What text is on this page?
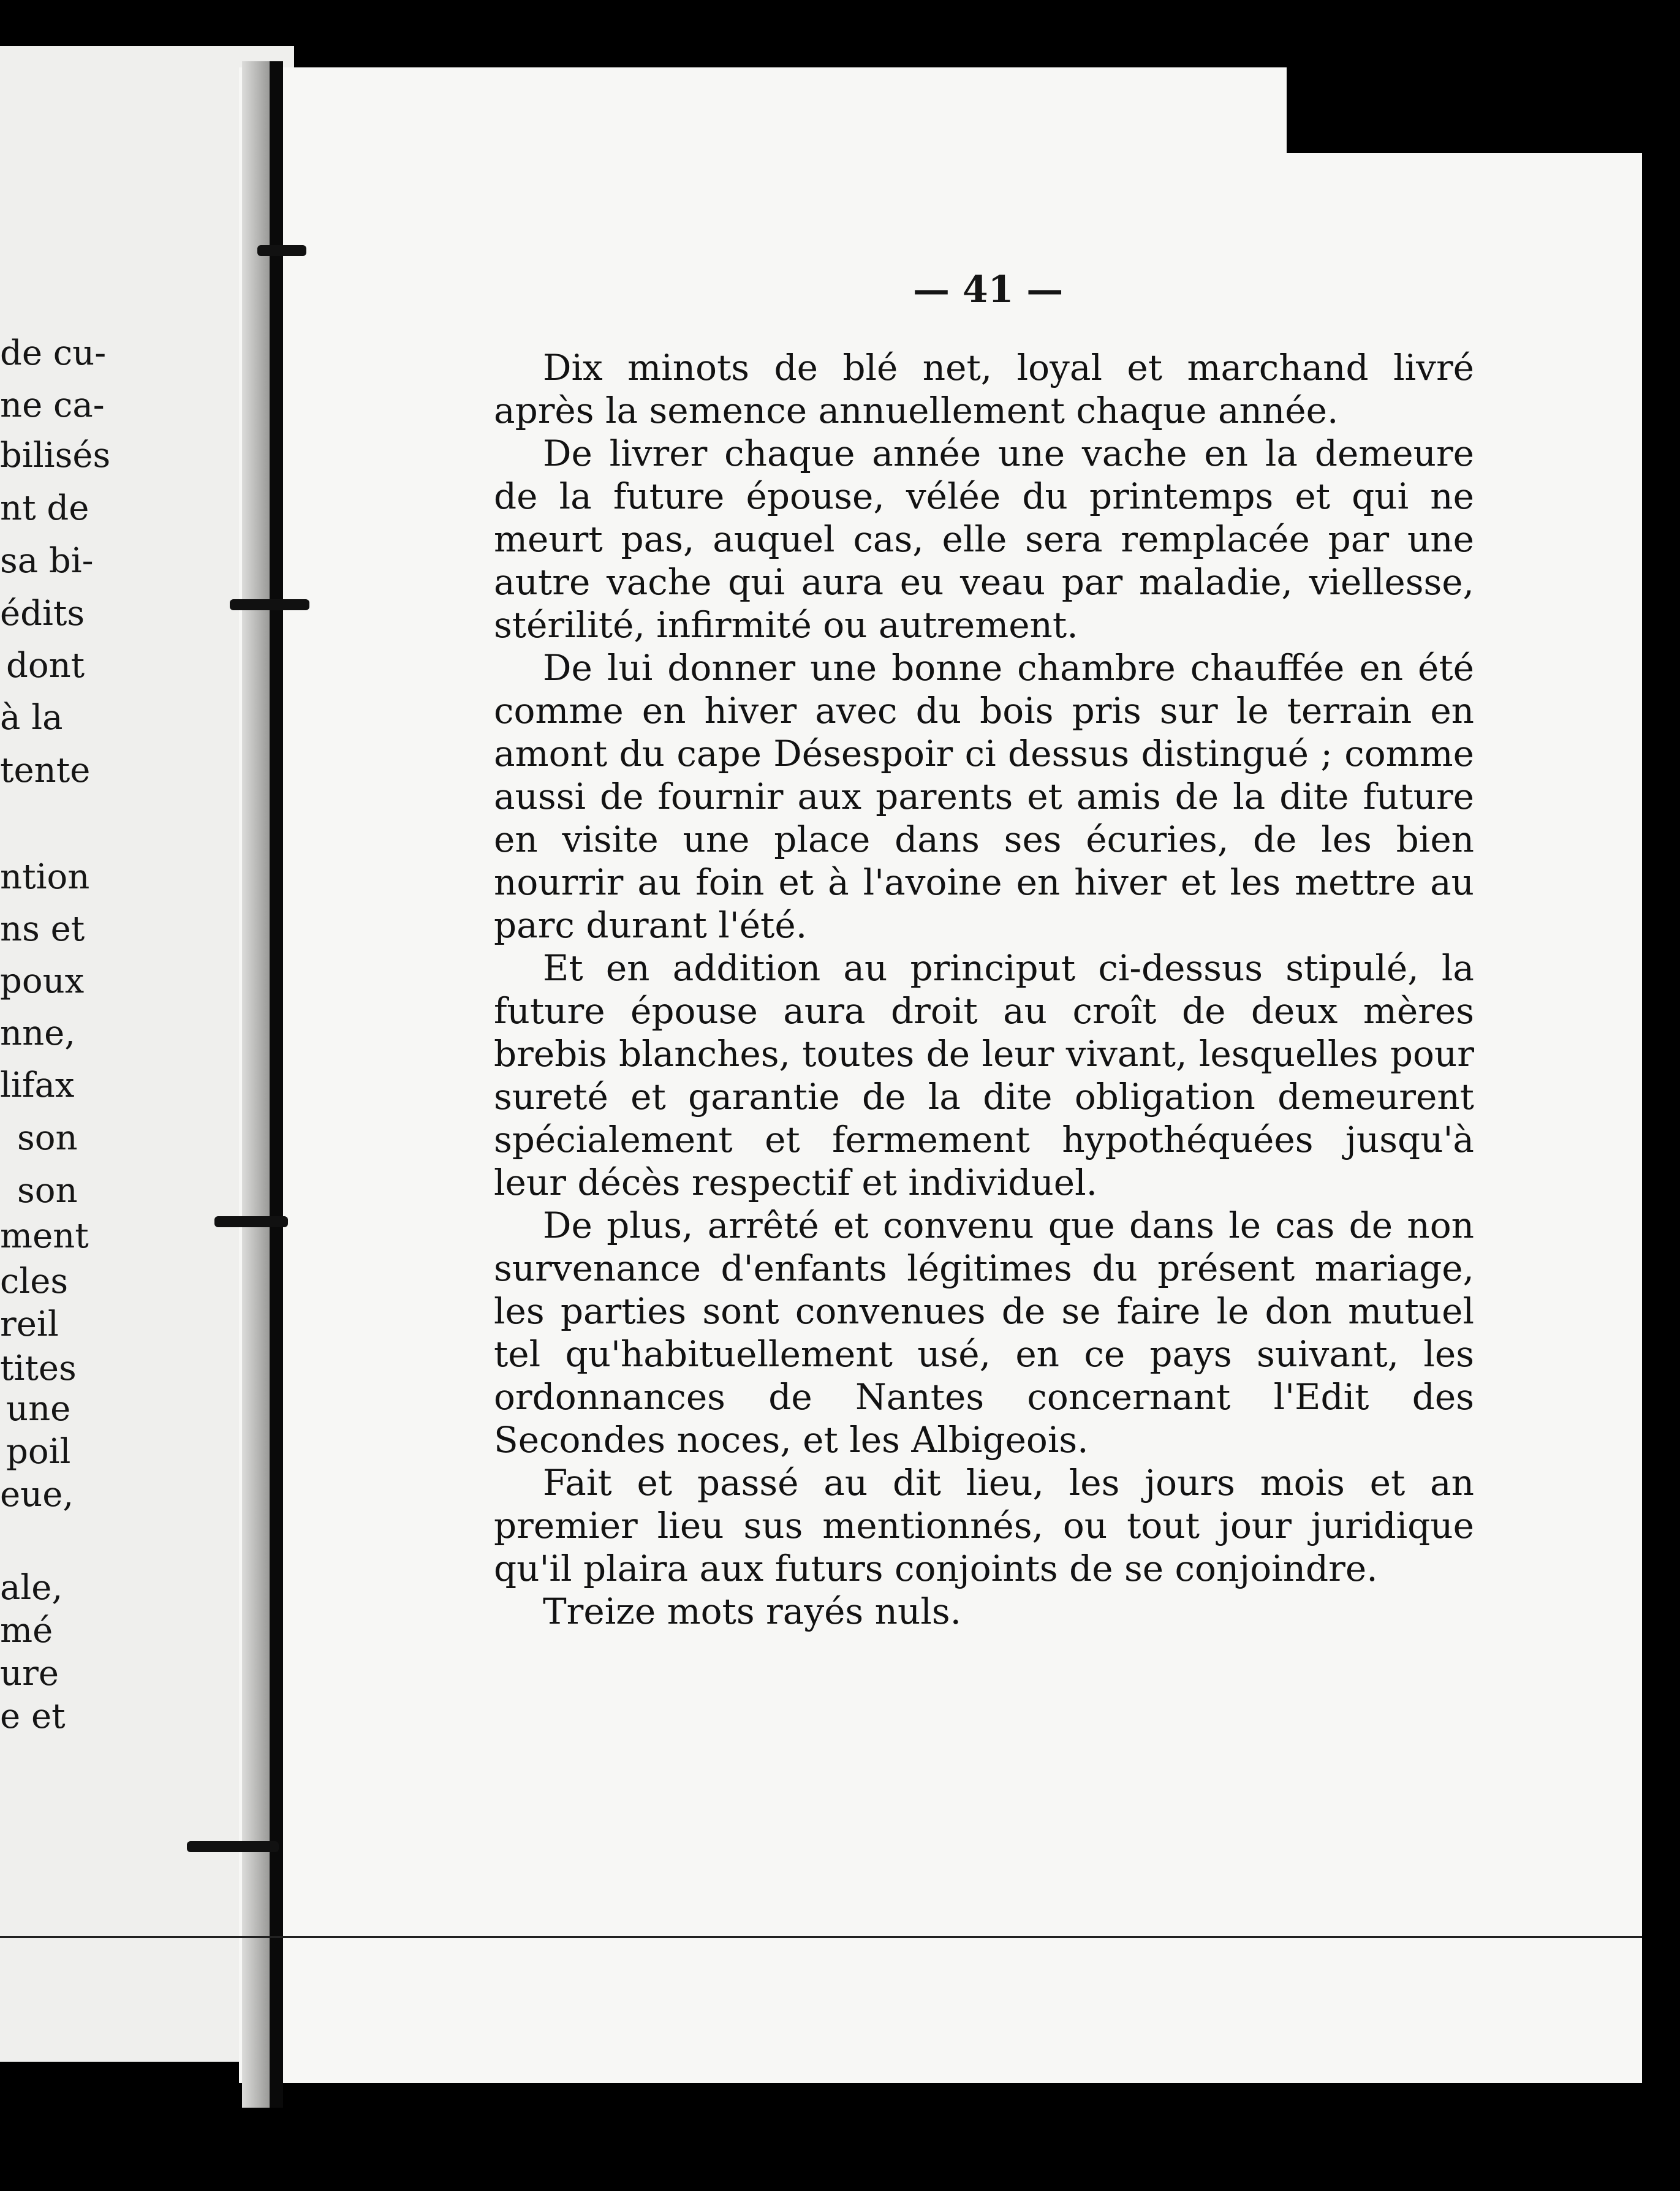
de cu-
ne ca-
bilisés
nt de
sa bi-
édits
dont
à la
tente
ntion
ns et
poux
nne,
lifax
son
son
ment
cles
reil
tites
une
poil
eue,
ale,
mé
ure
e et
— 41 —

Dix minots de blé net, loyal et marchand livré après la semence annuellement chaque année.

De livrer chaque année une vache en la demeure de la future épouse, vélée du printemps et qui ne meurt pas, auquel cas, elle sera remplacée par une autre vache qui aura eu veau par maladie, viellesse, stérilité, infirmité ou autrement.

De lui donner une bonne chambre chauffée en été comme en hiver avec du bois pris sur le terrain en amont du cape Désespoir ci dessus distingué ; comme aussi de fournir aux parents et amis de la dite future en visite une place dans ses écuries, de les bien nourrir au foin et à l'avoine en hiver et les mettre au parc durant l'été.

Et en addition au principut ci-dessus stipulé, la future épouse aura droit au croît de deux mères brebis blanches, toutes de leur vivant, lesquelles pour sureté et garantie de la dite obligation demeurent spécialement et fermement hypothéquées jusqu'à leur décès respectif et individuel.

De plus, arrêté et convenu que dans le cas de non survenance d'enfants légitimes du présent mariage, les parties sont convenues de se faire le don mutuel tel qu'habituellement usé, en ce pays suivant, les ordonnances de Nantes concernant l'Edit des Secondes noces, et les Albigeois.

Fait et passé au dit lieu, les jours mois et an premier lieu sus mentionnés, ou tout jour juridique qu'il plaira aux futurs conjoints de se conjoindre.

Treize mots rayés nuls.
